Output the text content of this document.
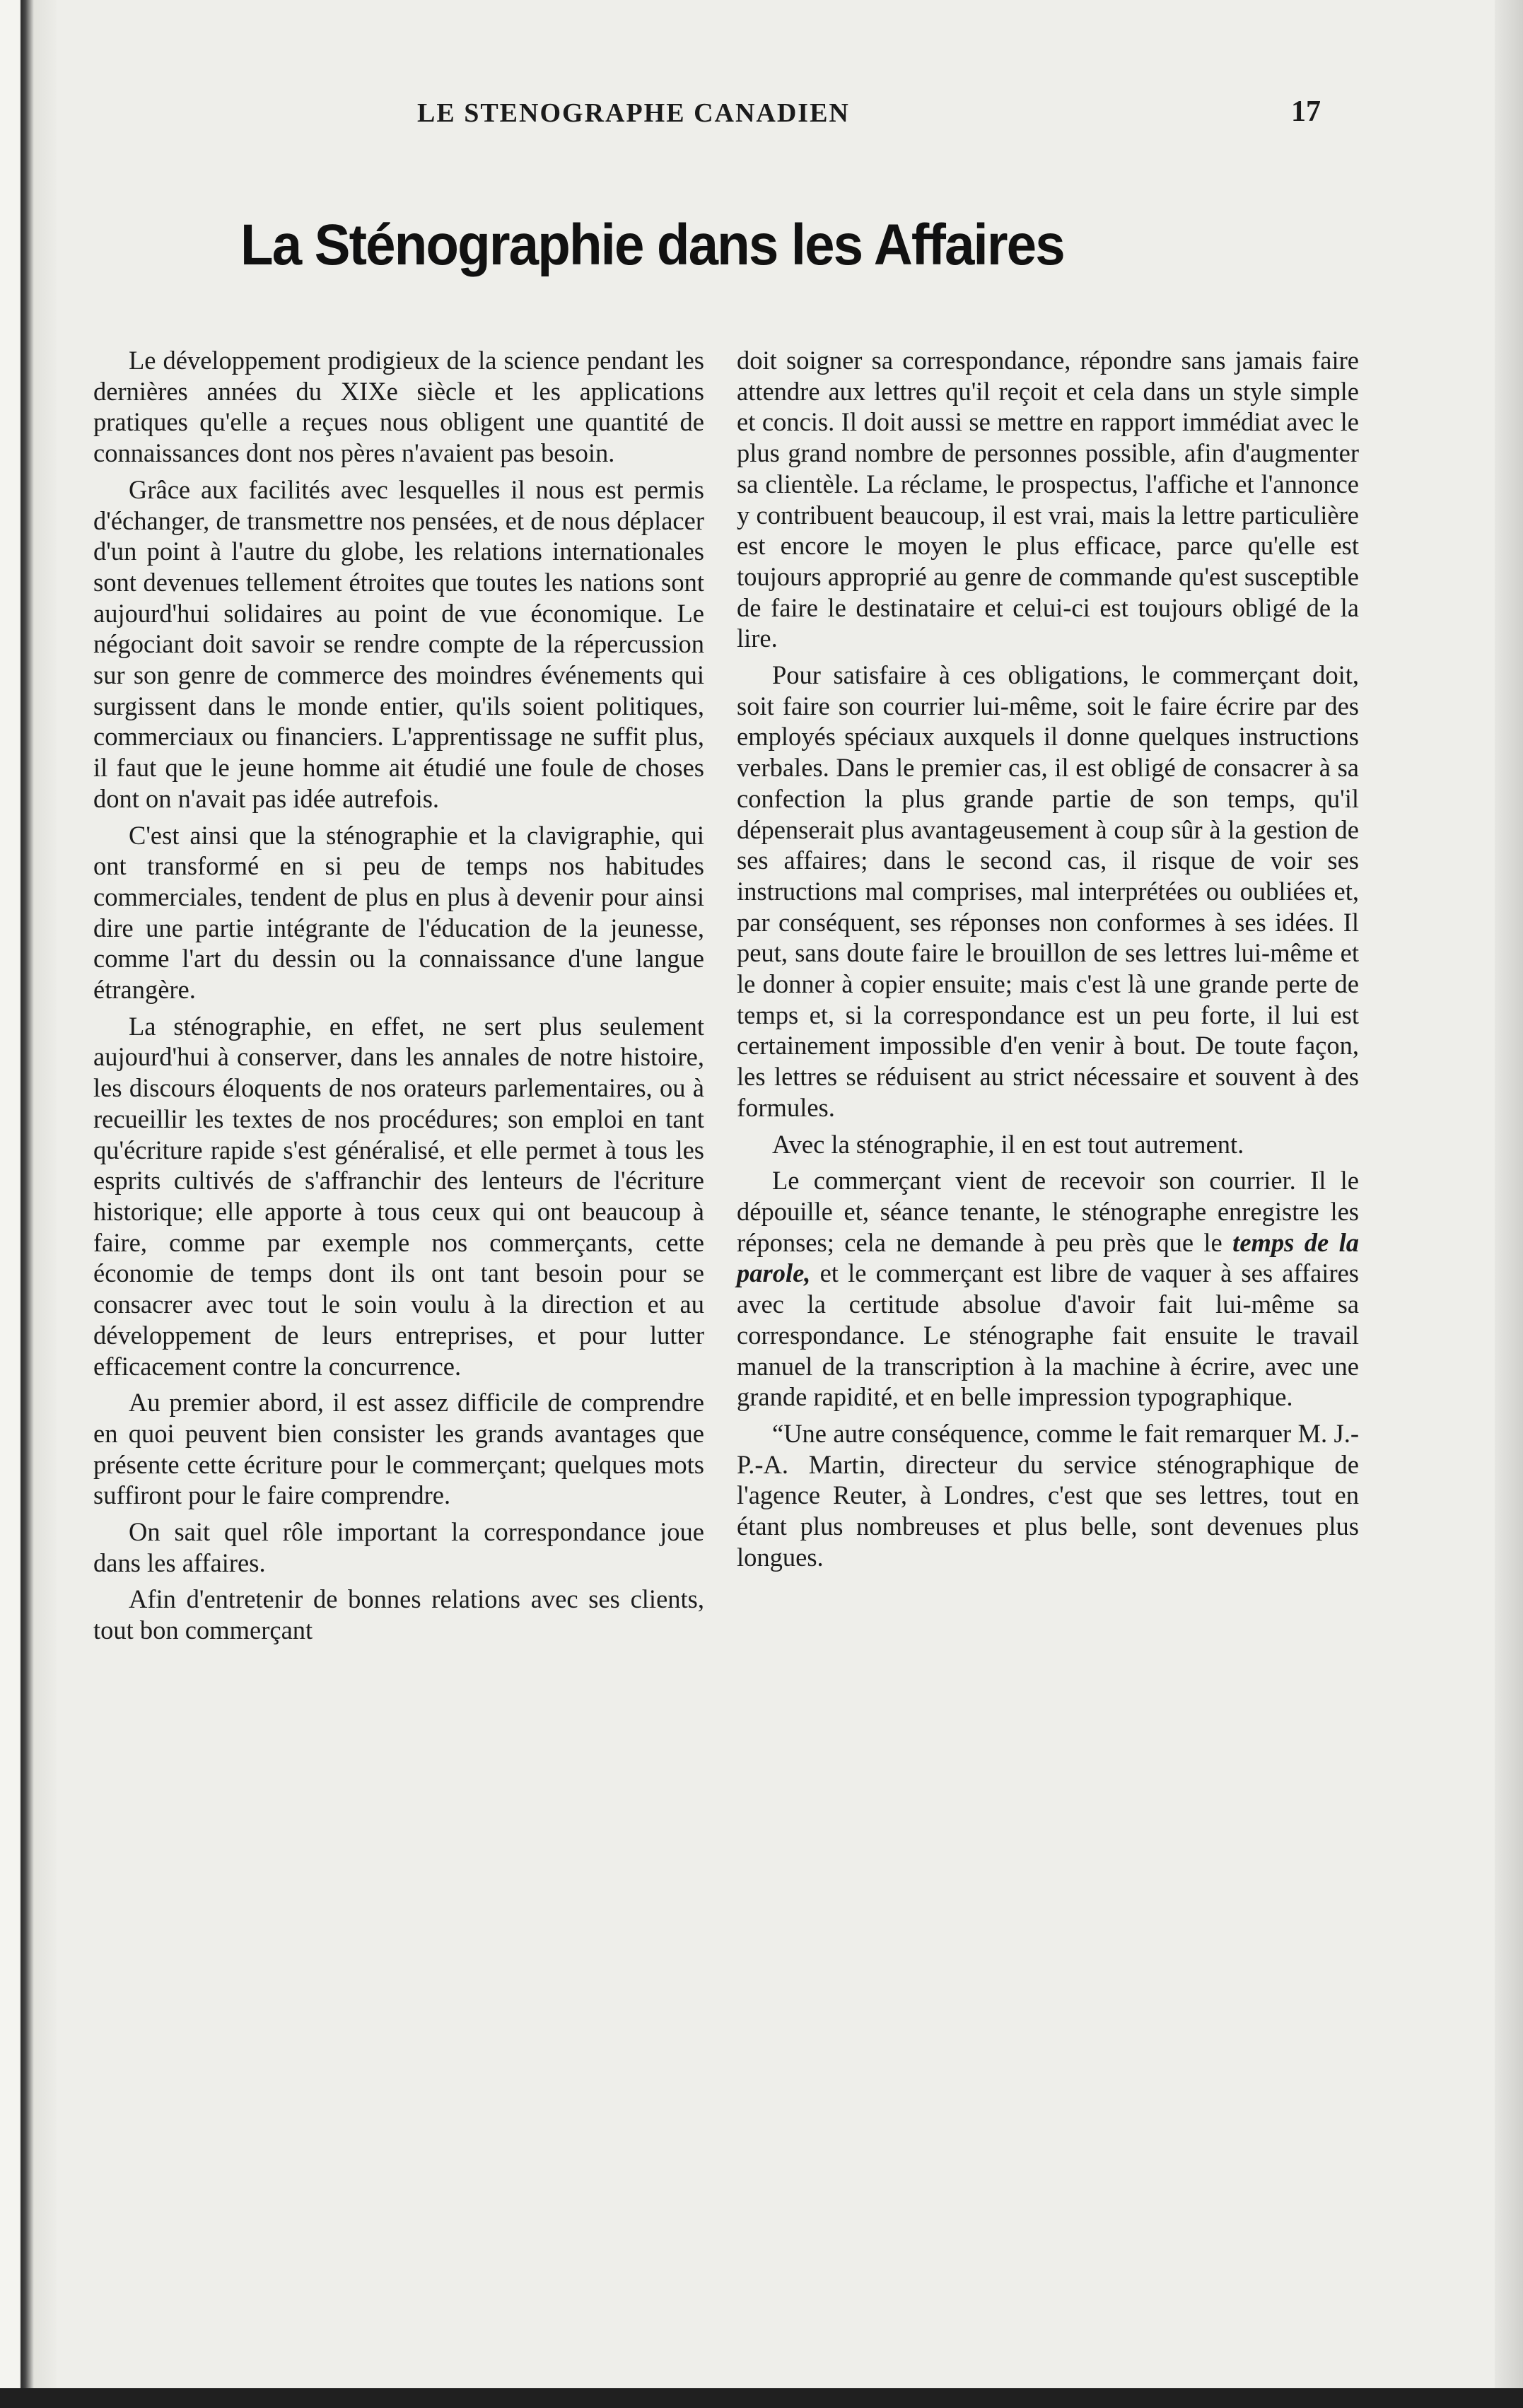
LE STENOGRAPHE CANADIEN	17
La Sténographie dans les Affaires

Le développement prodigieux de la science pendant les dernières années du XIXe siècle et les applications pratiques qu'elle a reçues nous obligent une quantité de connaissances dont nos pères n'avaient pas besoin.

Grâce aux facilités avec lesquelles il nous est permis d'échanger, de transmettre nos pensées, et de nous déplacer d'un point à l'autre du globe, les relations internationales sont devenues tellement étroites que toutes les nations sont aujourd'hui solidaires au point de vue économique. Le négociant doit savoir se rendre compte de la répercussion sur son genre de commerce des moindres événements qui surgissent dans le monde entier, qu'ils soient politiques, commerciaux ou financiers. L'apprentissage ne suffit plus, il faut que le jeune homme ait étudié une foule de choses dont on n'avait pas idée autrefois.

C'est ainsi que la sténographie et la clavigraphie, qui ont transformé en si peu de temps nos habitudes commerciales, tendent de plus en plus à devenir pour ainsi dire une partie intégrante de l'éducation de la jeunesse, comme l'art du dessin ou la connaissance d'une langue étrangère.

La sténographie, en effet, ne sert plus seulement aujourd'hui à conserver, dans les annales de notre histoire, les discours éloquents de nos orateurs parlementaires, ou à recueillir les textes de nos procédures; son emploi en tant qu'écriture rapide s'est généralisé, et elle permet à tous les esprits cultivés de s'affranchir des lenteurs de l'écriture historique; elle apporte à tous ceux qui ont beaucoup à faire, comme par exemple nos commerçants, cette économie de temps dont ils ont tant besoin pour se consacrer avec tout le soin voulu à la direction et au développement de leurs entreprises, et pour lutter efficacement contre la concurrence.

Au premier abord, il est assez difficile de comprendre en quoi peuvent bien consister les grands avantages que présente cette écriture pour le commerçant; quelques mots suffiront pour le faire comprendre.

On sait quel rôle important la correspondance joue dans les affaires.

Afin d'entretenir de bonnes relations avec ses clients, tout bon commerçant

doit soigner sa correspondance, répondre sans jamais faire attendre aux lettres qu'il reçoit et cela dans un style simple et concis. Il doit aussi se mettre en rapport immédiat avec le plus grand nombre de personnes possible, afin d'augmenter sa clientèle. La réclame, le prospectus, l'affiche et l'annonce y contribuent beaucoup, il est vrai, mais la lettre particulière est encore le moyen le plus efficace, parce qu'elle est toujours approprié au genre de commande qu'est susceptible de faire le destinataire et celui-ci est toujours obligé de la lire.

Pour satisfaire à ces obligations, le commerçant doit, soit faire son courrier lui-même, soit le faire écrire par des employés spéciaux auxquels il donne quelques instructions verbales. Dans le premier cas, il est obligé de consacrer à sa confection la plus grande partie de son temps, qu'il dépenserait plus avantageusement à coup sûr à la gestion de ses affaires; dans le second cas, il risque de voir ses instructions mal comprises, mal interprétées ou oubliées et, par conséquent, ses réponses non conformes à ses idées. Il peut, sans doute faire le brouillon de ses lettres lui-même et le donner à copier ensuite; mais c'est là une grande perte de temps et, si la correspondance est un peu forte, il lui est certainement impossible d'en venir à bout. De toute façon, les lettres se réduisent au strict nécessaire et souvent à des formules.

Avec la sténographie, il en est tout autrement.

Le commerçant vient de recevoir son courrier. Il le dépouille et, séance tenante, le sténographe enregistre les réponses; cela ne demande à peu près que le temps de la parole, et le commerçant est libre de vaquer à ses affaires avec la certitude absolue d'avoir fait lui-même sa correspondance. Le sténographe fait ensuite le travail manuel de la transcription à la machine à écrire, avec une grande rapidité, et en belle impression typographique.

“Une autre conséquence, comme le fait remarquer M. J.-P.-A. Martin, directeur du service sténographique de l'agence Reuter, à Londres, c'est que ses lettres, tout en étant plus nombreuses et plus belle, sont devenues plus longues.
